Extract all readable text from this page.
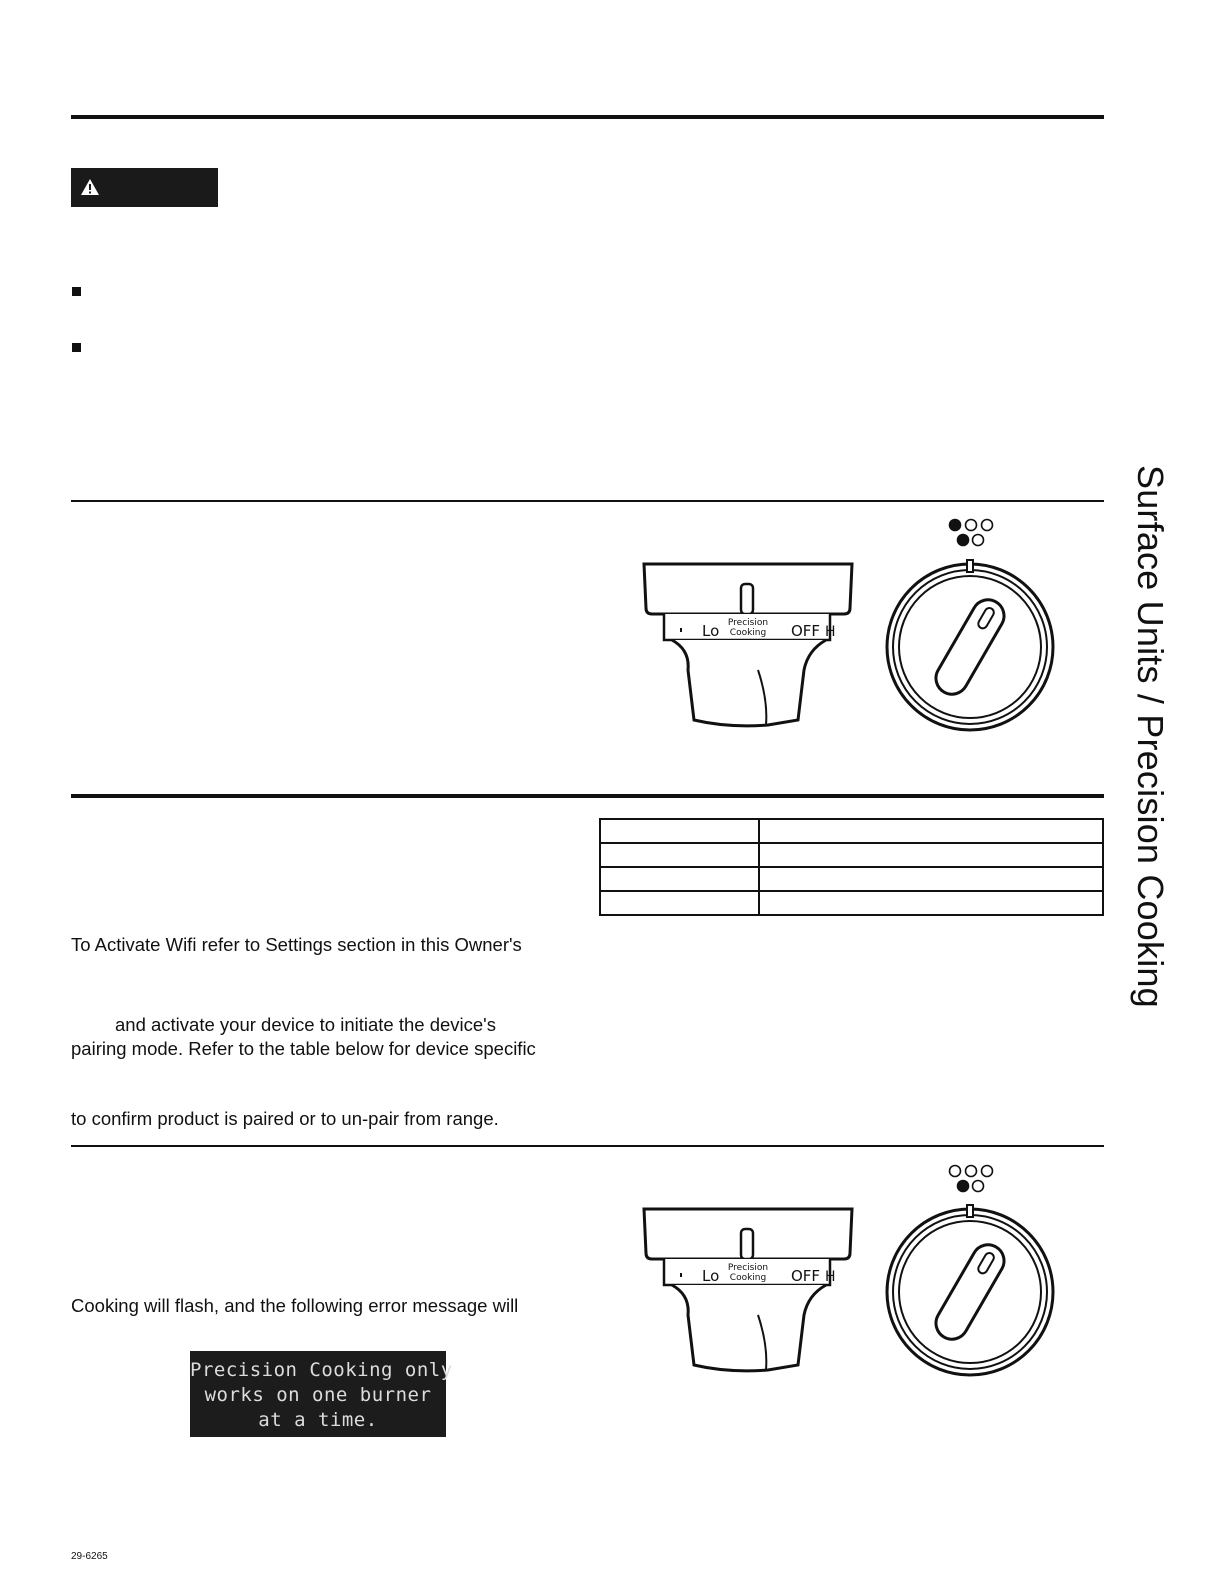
Surface Units / Precision Cooking
Lo Precision
Cooking OFF H

To Activate Wifi refer to Settings section in this Owner's
and activate your device to initiate the device's
pairing mode. Refer to the table below for device specific
to confirm product is paired or to un-pair from range.
Lo Precision
Cooking OFF H
Cooking will flash, and the following error message will
Precision Cooking only
works on one burner
at a time.
29-6265
